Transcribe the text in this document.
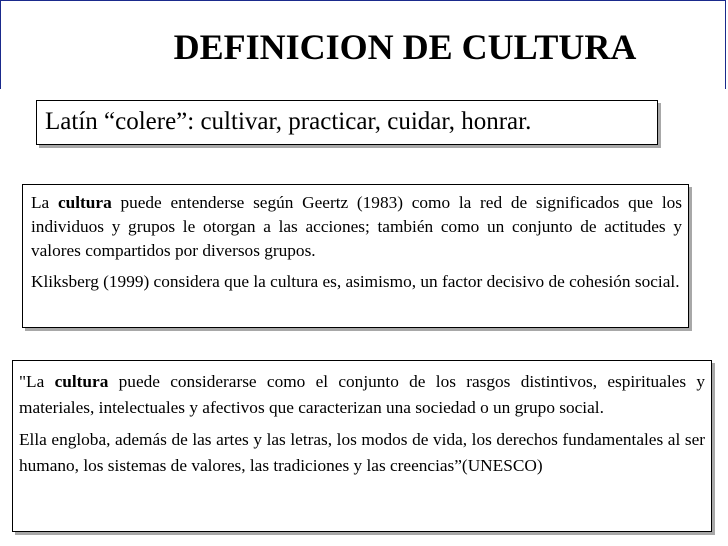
DEFINICION DE CULTURA

Latín “colere”: cultivar, practicar, cuidar, honrar.

La cultura puede entenderse según Geertz (1983) como la red de significados que los individuos y grupos le otorgan a las acciones; también como un conjunto de actitudes y valores compartidos por diversos grupos.

Kliksberg (1999) considera que la cultura es, asimismo, un factor decisivo de cohesión social.

"La cultura puede considerarse como el conjunto de los rasgos distintivos, espirituales y materiales, intelectuales y afectivos que caracterizan una sociedad o un grupo social.

Ella engloba, además de las artes y las letras, los modos de vida, los derechos fundamentales al ser humano, los sistemas de valores, las tradiciones y las creencias”(UNESCO)
